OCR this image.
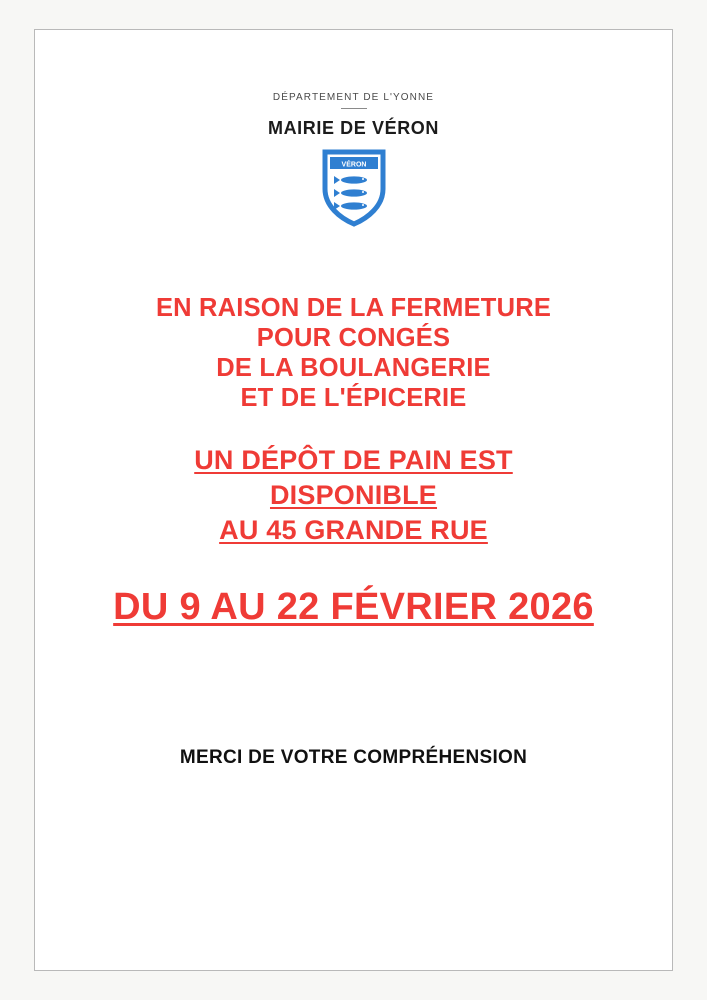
DÉPARTEMENT DE L'YONNE
MAIRIE DE VÉRON
VÉRON
EN RAISON DE LA FERMETURE
POUR CONGÉS
DE LA BOULANGERIE
ET DE L'ÉPICERIE
UN DÉPÔT DE PAIN EST
DISPONIBLE
AU 45 GRANDE RUE
DU 9 AU 22 FÉVRIER 2026
MERCI DE VOTRE COMPRÉHENSION
